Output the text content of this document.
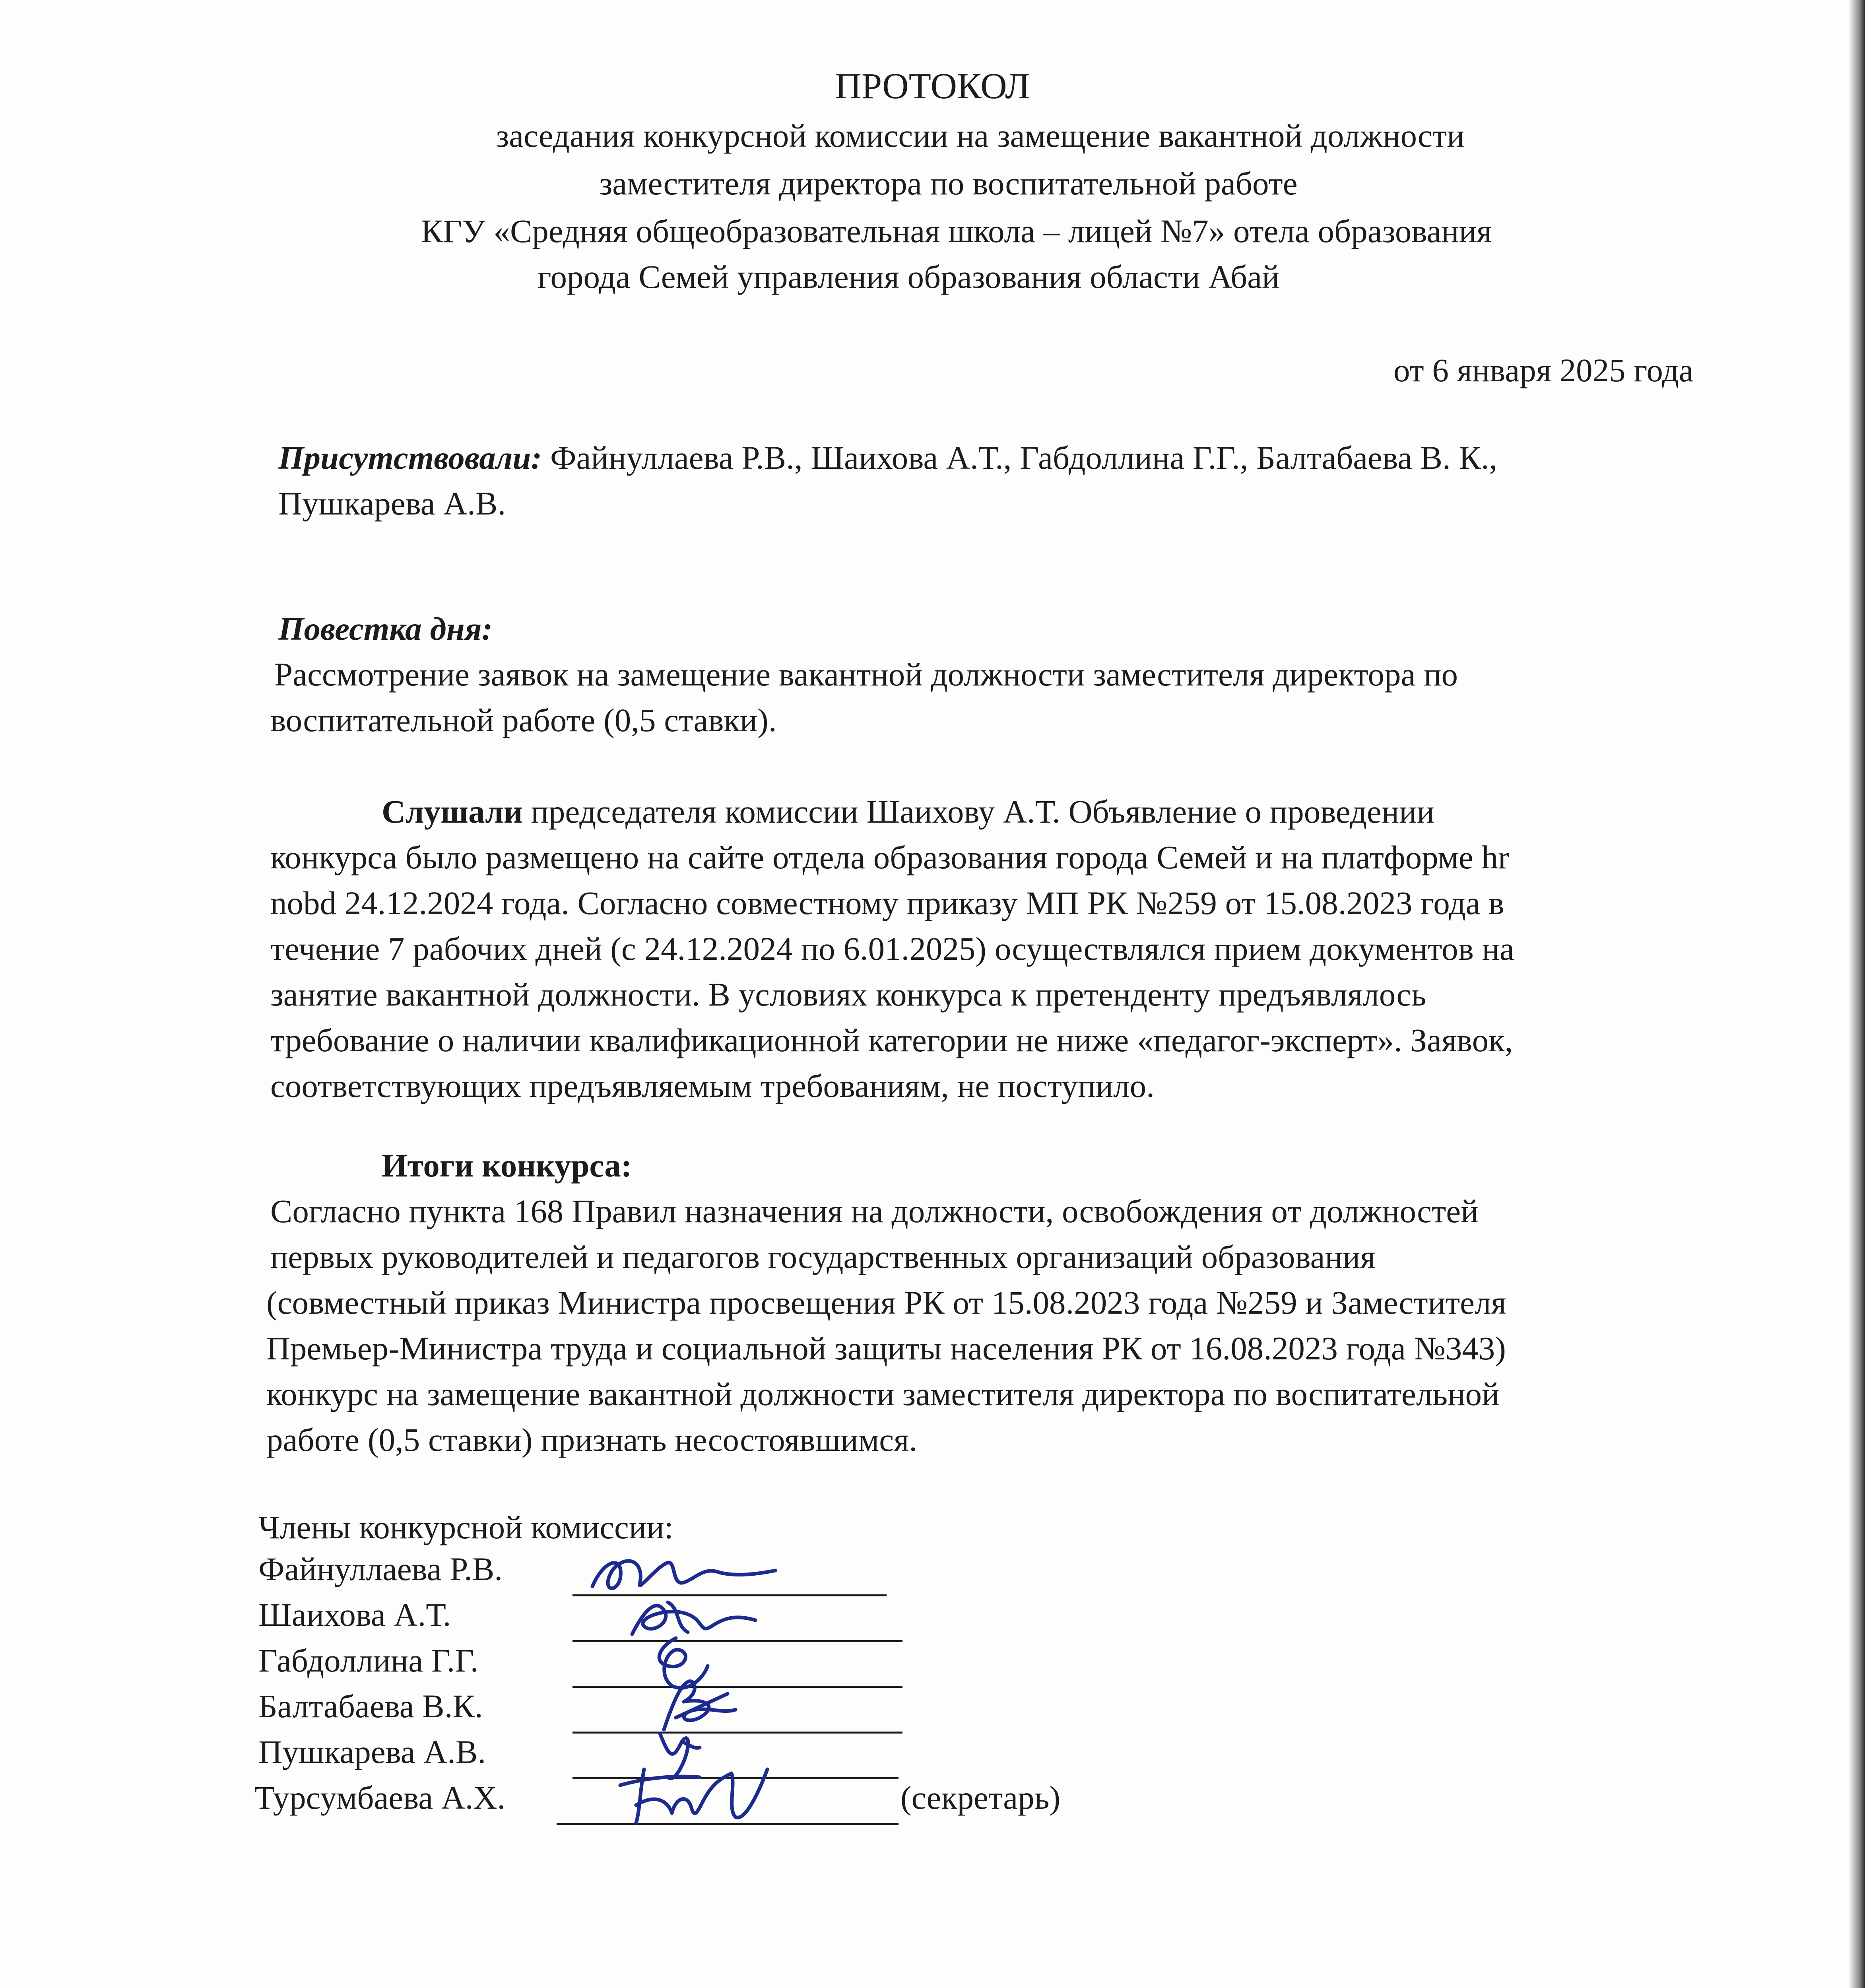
ПРОТОКОЛ
заседания конкурсной комиссии на замещение вакантной должности
заместителя директора по воспитательной работе
КГУ «Средняя общеобразовательная школа – лицей №7» отела образования
города Семей управления образования области Абай
от 6 января 2025 года
Присутствовали: Файнуллаева Р.В., Шаихова А.Т., Габдоллина Г.Г., Балтабаева В. К.,
Пушкарева А.В.
Повестка дня:
Рассмотрение заявок на замещение вакантной должности заместителя директора по
воспитательной работе (0,5 ставки).
Слушали председателя комиссии Шаихову А.Т. Объявление о проведении
конкурса было размещено на сайте отдела образования города Семей и на платформе hr
nobd 24.12.2024 года. Согласно совместному приказу МП РК №259 от 15.08.2023 года в
течение 7 рабочих дней (с 24.12.2024 по 6.01.2025) осуществлялся прием документов на
занятие вакантной должности. В условиях конкурса к претенденту предъявлялось
требование о наличии квалификационной категории не ниже «педагог-эксперт». Заявок,
соответствующих предъявляемым требованиям, не поступило.
Итоги конкурса:
Согласно пункта 168 Правил назначения на должности, освобождения от должностей
первых руководителей и педагогов государственных организаций образования
(совместный приказ Министра просвещения РК от 15.08.2023 года №259 и Заместителя
Премьер-Министра труда и социальной защиты населения РК от 16.08.2023 года №343)
конкурс на замещение вакантной должности заместителя директора по воспитательной
работе (0,5 ставки) признать несостоявшимся.
Члены конкурсной комиссии:
Файнуллаева Р.В.
Шаихова А.Т.
Габдоллина Г.Г.
Балтабаева В.К.
Пушкарева А.В.
Турсумбаева А.Х.	(секретарь)
